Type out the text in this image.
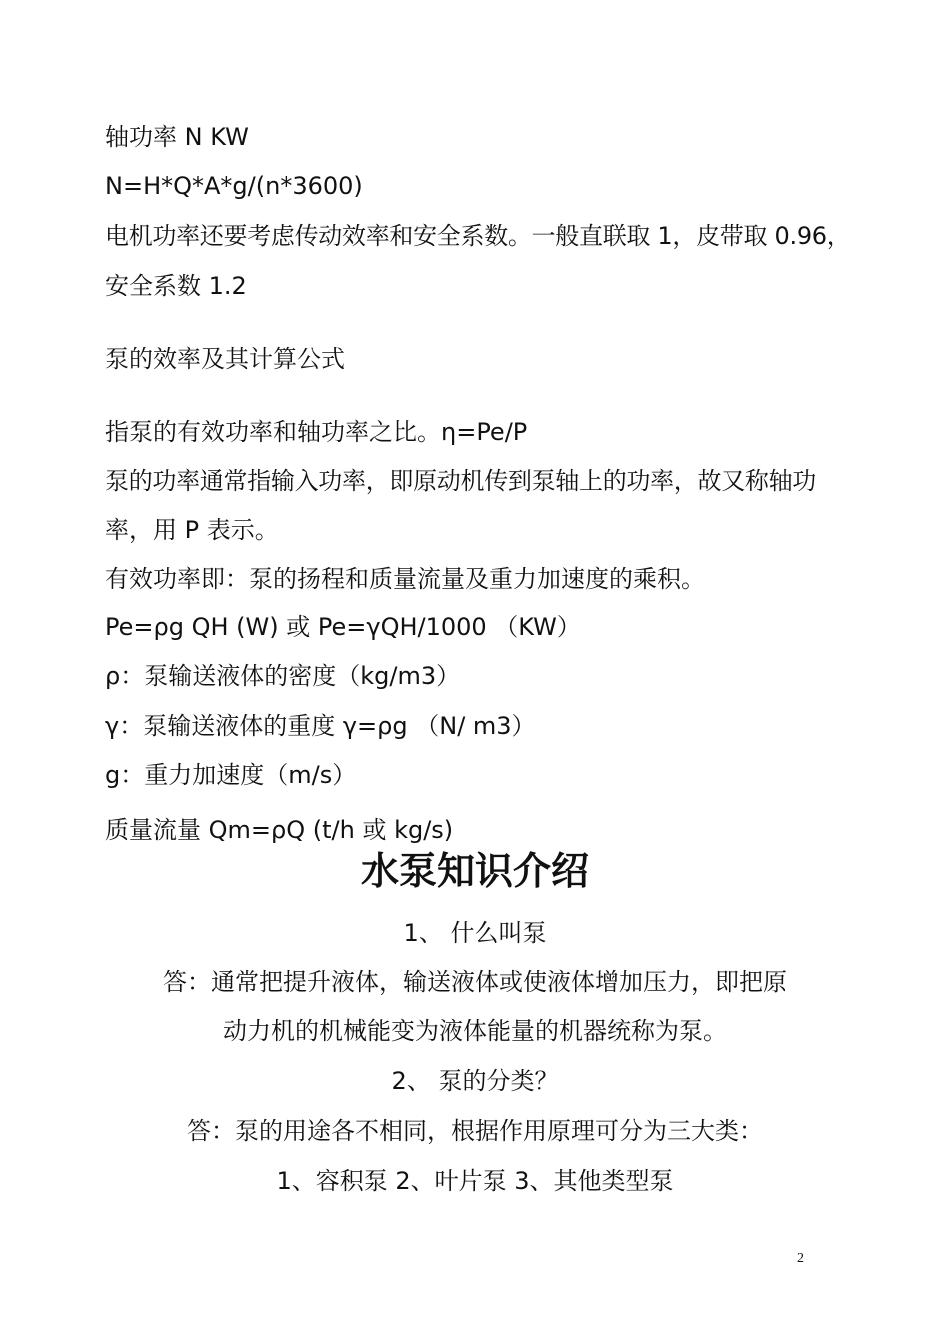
轴功率 N KW

N=H*Q*A*g/(n*3600)

电机功率还要考虑传动效率和安全系数。一般直联取 1，皮带取 0.96，

安全系数 1.2

泵的效率及其计算公式

指泵的有效功率和轴功率之比。η=Pe/P

泵的功率通常指输入功率，即原动机传到泵轴上的功率，故又称轴功

率，用 P 表示。

有效功率即：泵的扬程和质量流量及重力加速度的乘积。

Pe=ρg QH (W) 或 Pe=γQH/1000 （KW）

ρ：泵输送液体的密度（kg/m3）

γ：泵输送液体的重度 γ=ρg （N/ m3）

g：重力加速度（m/s）

质量流量 Qm=ρQ (t/h 或 kg/s)

水泵知识介绍

1、 什么叫泵

答：通常把提升液体，输送液体或使液体增加压力，即把原

动力机的机械能变为液体能量的机器统称为泵。

2、 泵的分类？

答：泵的用途各不相同，根据作用原理可分为三大类：

1、容积泵 2、叶片泵 3、其他类型泵

2
